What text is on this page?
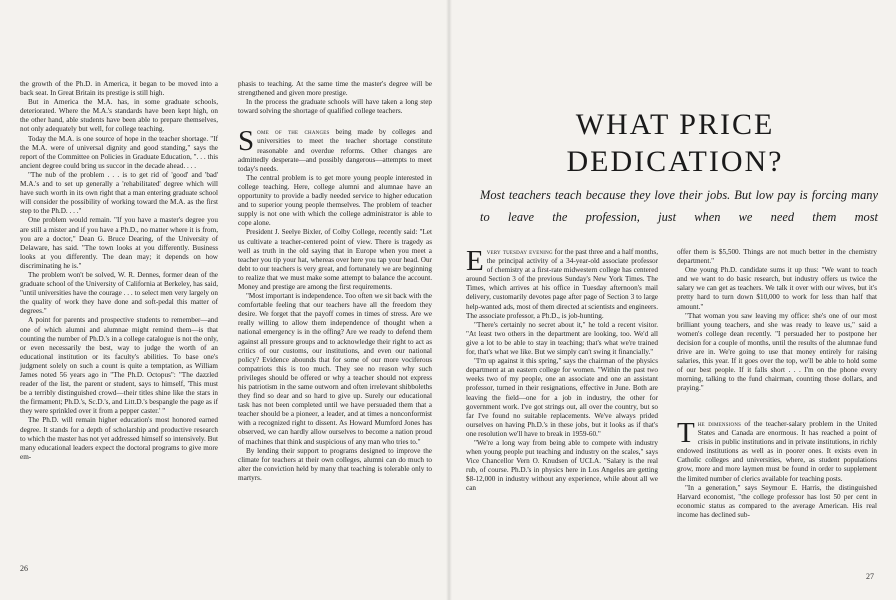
the growth of the Ph.D. in America, it began to be moved into a back seat. In Great Britain its prestige is still high.

But in America the M.A. has, in some graduate schools, deteriorated. Where the M.A.'s standards have been kept high, on the other hand, able students have been able to prepare themselves, not only adequately but well, for college teaching.

Today the M.A. is one source of hope in the teacher shortage. "If the M.A. were of universal dignity and good standing," says the report of the Committee on Policies in Graduate Education, ". . . this ancient degree could bring us succor in the decade ahead. . . .

"The nub of the problem . . . is to get rid of 'good' and 'bad' M.A.'s and to set up generally a 'rehabilitated' degree which will have such worth in its own right that a man entering graduate school will consider the possibility of working toward the M.A. as the first step to the Ph.D. . . ."

One problem would remain. "If you have a master's degree you are still a mister and if you have a Ph.D., no matter where it is from, you are a doctor," Dean G. Bruce Dearing, of the University of Delaware, has said. "The town looks at you differently. Business looks at you differently. The dean may; it depends on how discriminating he is."

The problem won't be solved, W. R. Dennes, former dean of the graduate school of the University of California at Berkeley, has said, "until universities have the courage . . . to select men very largely on the quality of work they have done and soft-pedal this matter of degrees."

A point for parents and prospective students to remember—and one of which alumni and alumnae might remind them—is that counting the number of Ph.D.'s in a college catalogue is not the only, or even necessarily the best, way to judge the worth of an educational institution or its faculty's abilities. To base one's judgment solely on such a count is quite a temptation, as William James noted 56 years ago in "The Ph.D. Octopus": "The dazzled reader of the list, the parent or student, says to himself, 'This must be a terribly distinguished crowd—their titles shine like the stars in the firmament; Ph.D.'s, Sc.D.'s, and Litt.D.'s bespangle the page as if they were sprinkled over it from a pepper caster.' "

The Ph.D. will remain higher education's most honored earned degree. It stands for a depth of scholarship and productive research to which the master has not yet addressed himself so intensively. But many educational leaders expect the doctoral programs to give more em-

phasis to teaching. At the same time the master's degree will be strengthened and given more prestige.

In the process the graduate schools will have taken a long step toward solving the shortage of qualified college teachers.

Some of the changes being made by colleges and universities to meet the teacher shortage constitute reasonable and overdue reforms. Other changes are admittedly desperate—and possibly dangerous—attempts to meet today's needs.

The central problem is to get more young people interested in college teaching. Here, college alumni and alumnae have an opportunity to provide a badly needed service to higher education and to superior young people themselves. The problem of teacher supply is not one with which the college administrator is able to cope alone.

President J. Seelye Bixler, of Colby College, recently said: "Let us cultivate a teacher-centered point of view. There is tragedy as well as truth in the old saying that in Europe when you meet a teacher you tip your hat, whereas over here you tap your head. Our debt to our teachers is very great, and fortunately we are beginning to realize that we must make some attempt to balance the account. Money and prestige are among the first requirements.

"Most important is independence. Too often we sit back with the comfortable feeling that our teachers have all the freedom they desire. We forget that the payoff comes in times of stress. Are we really willing to allow them independence of thought when a national emergency is in the offing? Are we ready to defend them against all pressure groups and to acknowledge their right to act as critics of our customs, our institutions, and even our national policy? Evidence abounds that for some of our more vociferous compatriots this is too much. They see no reason why such privileges should be offered or why a teacher should not express his patriotism in the same outworn and often irrelevant shibboleths they find so dear and so hard to give up. Surely our educational task has not been completed until we have persuaded them that a teacher should be a pioneer, a leader, and at times a nonconformist with a recognized right to dissent. As Howard Mumford Jones has observed, we can hardly allow ourselves to become a nation proud of machines that think and suspicious of any man who tries to."

By lending their support to programs designed to improve the climate for teachers at their own colleges, alumni can do much to alter the conviction held by many that teaching is tolerable only to martyrs.

26
WHAT PRICE
DEDICATION?

Most teachers teach because they love their jobs. But low pay is forcing many to leave the profession, just when we need them most

Every tuesday evening for the past three and a half months, the principal activity of a 34-year-old associate professor of chemistry at a first-rate midwestern college has centered around Section 3 of the previous Sunday's New York Times. The Times, which arrives at his office in Tuesday afternoon's mail delivery, customarily devotes page after page of Section 3 to large help-wanted ads, most of them directed at scientists and engineers. The associate professor, a Ph.D., is job-hunting.

"There's certainly no secret about it," he told a recent visitor. "At least two others in the department are looking, too. We'd all give a lot to be able to stay in teaching; that's what we're trained for, that's what we like. But we simply can't swing it financially."

"I'm up against it this spring," says the chairman of the physics department at an eastern college for women. "Within the past two weeks two of my people, one an associate and one an assistant professor, turned in their resignations, effective in June. Both are leaving the field—one for a job in industry, the other for government work. I've got strings out, all over the country, but so far I've found no suitable replacements. We've always prided ourselves on having Ph.D.'s in these jobs, but it looks as if that's one resolution we'll have to break in 1959-60."

"We're a long way from being able to compete with industry when young people put teaching and industry on the scales," says Vice Chancellor Vern O. Knudsen of UCLA. "Salary is the real rub, of course. Ph.D.'s in physics here in Los Angeles are getting $8-12,000 in industry without any experience, while about all we can

offer them is $5,500. Things are not much better in the chemistry department."

One young Ph.D. candidate sums it up thus: "We want to teach and we want to do basic research, but industry offers us twice the salary we can get as teachers. We talk it over with our wives, but it's pretty hard to turn down $10,000 to work for less than half that amount."

"That woman you saw leaving my office: she's one of our most brilliant young teachers, and she was ready to leave us," said a women's college dean recently. "I persuaded her to postpone her decision for a couple of months, until the results of the alumnae fund drive are in. We're going to use that money entirely for raising salaries, this year. If it goes over the top, we'll be able to hold some of our best people. If it falls short . . . I'm on the phone every morning, talking to the fund chairman, counting those dollars, and praying."

The dimensions of the teacher-salary problem in the United States and Canada are enormous. It has reached a point of crisis in public institutions and in private institutions, in richly endowed institutions as well as in poorer ones. It exists even in Catholic colleges and universities, where, as student populations grow, more and more laymen must be found in order to supplement the limited number of clerics available for teaching posts.

"In a generation," says Seymour E. Harris, the distinguished Harvard economist, "the college professor has lost 50 per cent in economic status as compared to the average American. His real income has declined sub-

27
